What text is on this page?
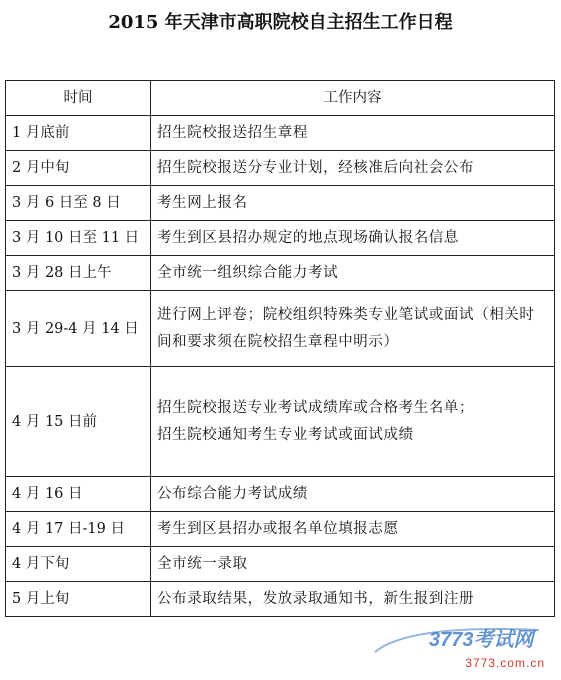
2015 年天津市高职院校自主招生工作日程
时间	工作内容
1 月底前	招生院校报送招生章程
2 月中旬	招生院校报送分专业计划，经核准后向社会公布
3 月 6 日至 8 日	考生网上报名
3 月 10 日至 11 日	考生到区县招办规定的地点现场确认报名信息
3 月 28 日上午	全市统一组织综合能力考试
3 月 29-4 月 14 日	进行网上评卷；院校组织特殊类专业笔试或面试（相关时间和要求须在院校招生章程中明示）

4 月 15 日前	招生院校报送专业考试成绩库或合格考生名单；
招生院校通知考生专业考试或面试成绩

4 月 16 日	公布综合能力考试成绩
4 月 17 日-19 日	考生到区县招办或报名单位填报志愿
4 月下旬	全市统一录取
5 月上旬	公布录取结果，发放录取通知书，新生报到注册
3773考试网
3773.com.cn
